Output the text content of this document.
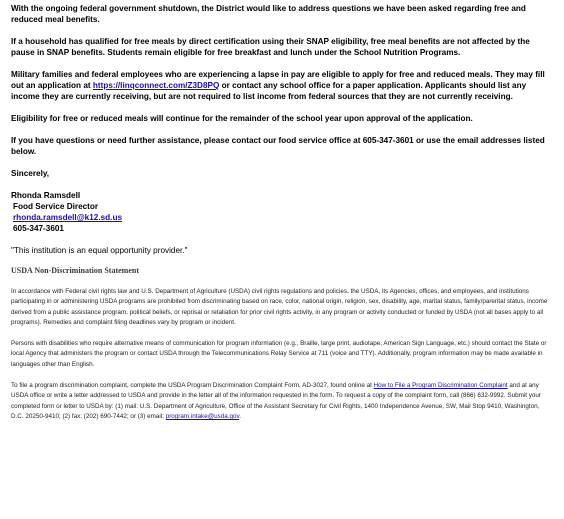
With the ongoing federal government shutdown, the District would like to address questions we have been asked regarding free and reduced meal benefits.

If a household has qualified for free meals by direct certification using their SNAP eligibility, free meal benefits are not affected by the pause in SNAP benefits. Students remain eligible for free breakfast and lunch under the School Nutrition Programs.

Military families and federal employees who are experiencing a lapse in pay are eligible to apply for free and reduced meals. They may fill out an application at https://linqconnect.com/Z3D8PQ or contact any school office for a paper application. Applicants should list any income they are currently receiving, but are not required to list income from federal sources that they are not currently receiving.

Eligibility for free or reduced meals will continue for the remainder of the school year upon approval of the application.

If you have questions or need further assistance, please contact our food service office at 605-347-3601 or use the email addresses listed below.

Sincerely,

Rhonda Ramsdell

Food Service Director

rhonda.ramsdell@k12.sd.us

605-347-3601

"This institution is an equal opportunity provider."

USDA Non-Discrimination Statement

In accordance with Federal civil rights law and U.S. Department of Agriculture (USDA) civil rights regulations and policies, the USDA, its Agencies, offices, and employees, and institutions participating in or administering USDA programs are prohibited from discriminating based on race, color, national origin, religion, sex, disability, age, marital status, family/parental status, income derived from a public assistance program, political beliefs, or reprisal or retaliation for prior civil rights activity, in any program or activity conducted or funded by USDA (not all bases apply to all programs). Remedies and complaint filing deadlines vary by program or incident.

Persons with disabilities who require alternative means of communication for program information (e.g., Braille, large print, audiotape, American Sign Language, etc.) should contact the State or local Agency that administers the program or contact USDA through the Telecommunications Relay Service at 711 (voice and TTY). Additionally, program information may be made available in languages other than English.

To file a program discrimination complaint, complete the USDA Program Discrimination Complaint Form, AD-3027, found online at How to File a Program Discrimination Complaint and at any USDA office or write a letter addressed to USDA and provide in the letter all of the information requested in the form. To request a copy of the complaint form, call (866) 632-9992. Submit your completed form or letter to USDA by: (1) mail: U.S. Department of Agriculture, Office of the Assistant Secretary for Civil Rights, 1400 Independence Avenue, SW, Mail Stop 9410, Washington, D.C. 20250-9410; (2) fax: (202) 690-7442; or (3) email: program.intake@usda.gov.
